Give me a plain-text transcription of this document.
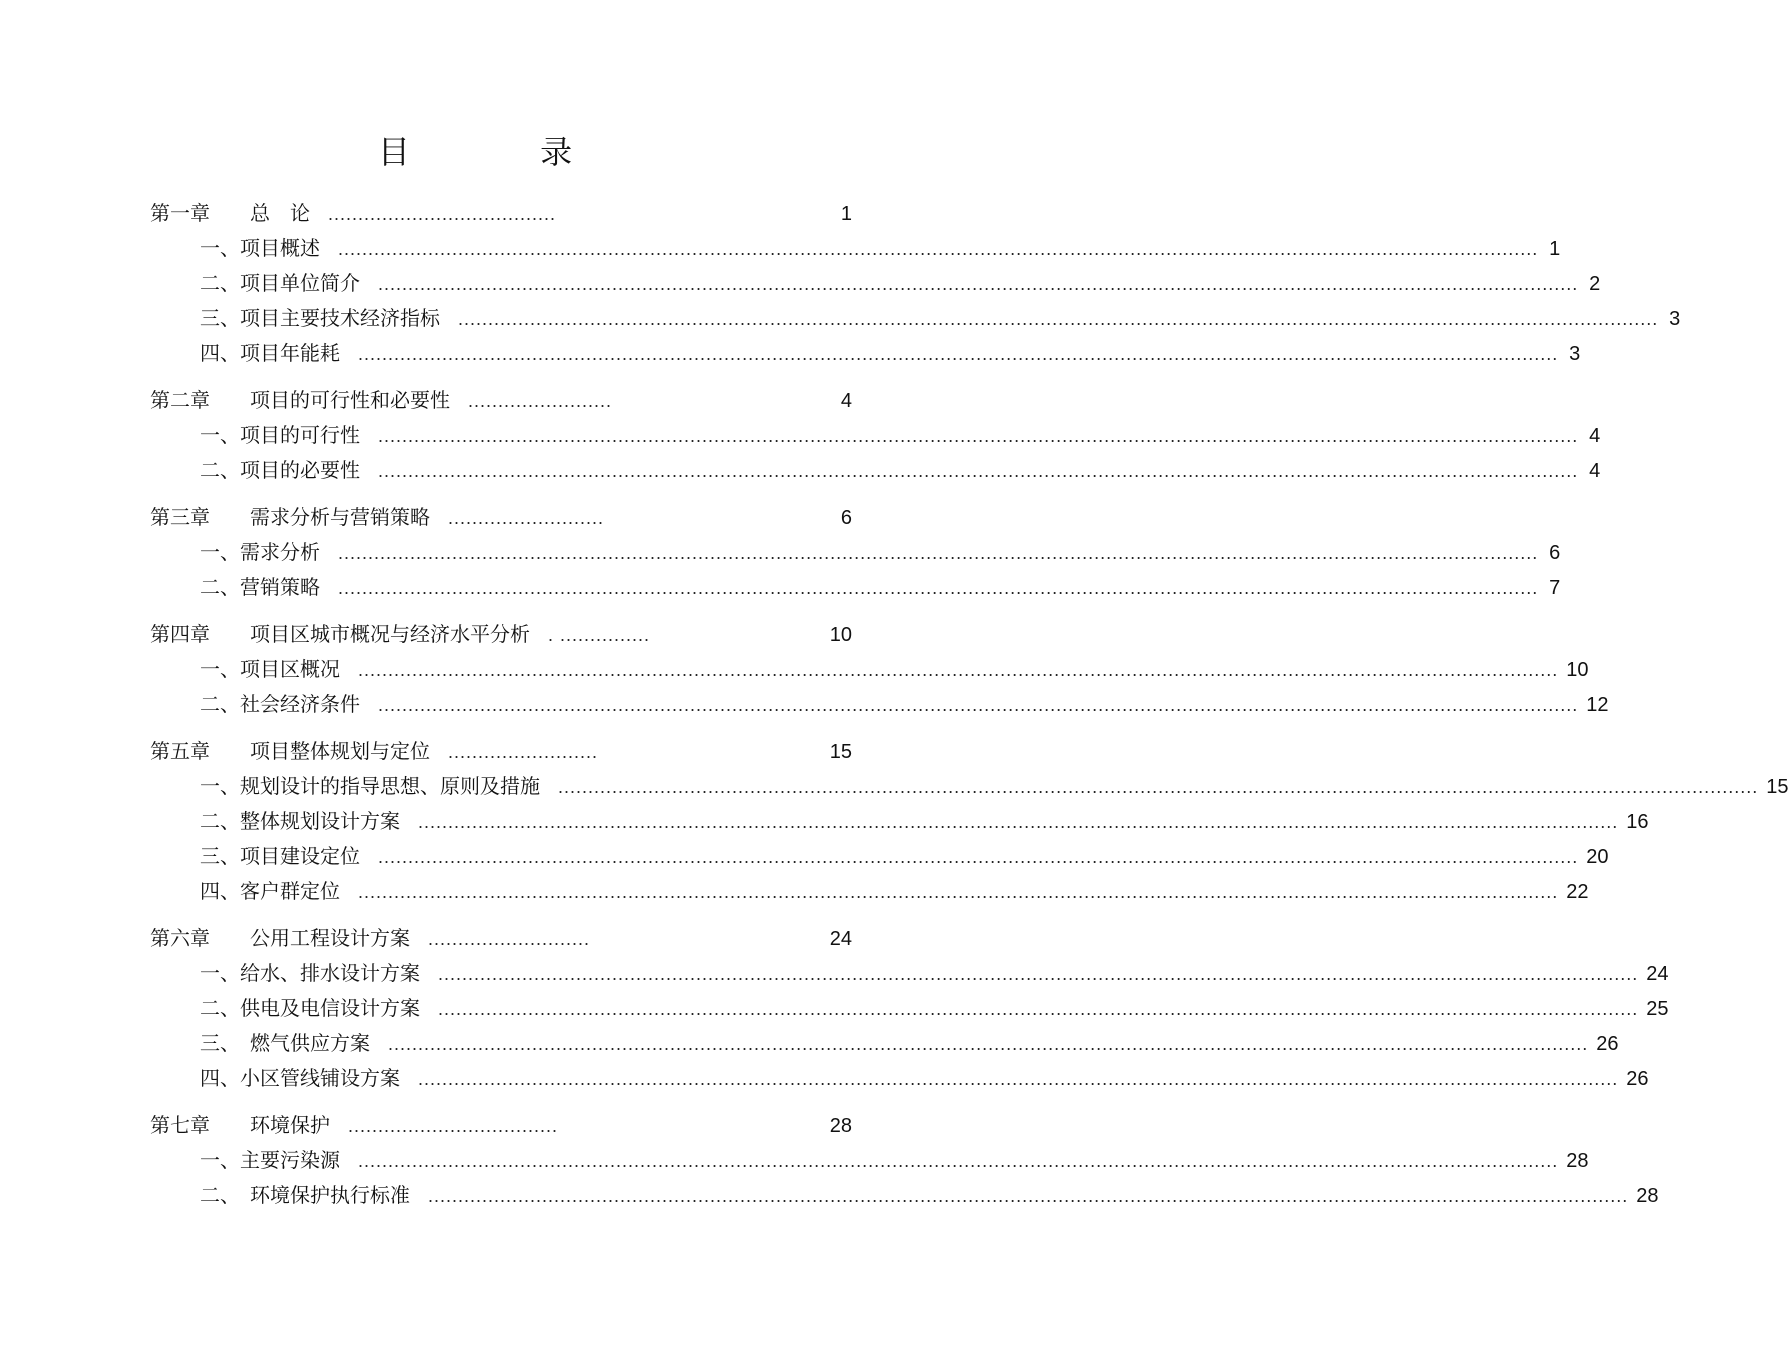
目 录
第一章　　总　论 ......................................	1
一、项目概述 ........................................................................................................................................................................................................ 1
二、项目单位简介 ........................................................................................................................................................................................................ 2
三、项目主要技术经济指标 ........................................................................................................................................................................................................ 3
四、项目年能耗 ........................................................................................................................................................................................................ 3
第二章　　项目的可行性和必要性 ........................	4
一、项目的可行性 ........................................................................................................................................................................................................ 4
二、项目的必要性 ........................................................................................................................................................................................................ 4
第三章　　需求分析与营销策略 ..........................	6
一、需求分析 ........................................................................................................................................................................................................ 6
二、营销策略 ........................................................................................................................................................................................................ 7
第四章　　项目区城市概况与经济水平分析 . ...............	10
一、项目区概况 ........................................................................................................................................................................................................ 10
二、社会经济条件 ........................................................................................................................................................................................................ 12
第五章　　项目整体规划与定位 .........................	15
一、规划设计的指导思想、原则及措施 ........................................................................................................................................................................................................ 15
二、整体规划设计方案 ........................................................................................................................................................................................................ 16
三、项目建设定位 ........................................................................................................................................................................................................ 20
四、客户群定位 ........................................................................................................................................................................................................ 22
第六章　　公用工程设计方案 ...........................	24
一、给水、排水设计方案 ........................................................................................................................................................................................................ 24
二、供电及电信设计方案 ........................................................................................................................................................................................................ 25
三、　燃气供应方案 ........................................................................................................................................................................................................ 26
四、小区管线铺设方案 ........................................................................................................................................................................................................ 26
第七章　　环境保护 ...................................	28
一、主要污染源 ........................................................................................................................................................................................................ 28
二、　环境保护执行标准 ........................................................................................................................................................................................................ 28
